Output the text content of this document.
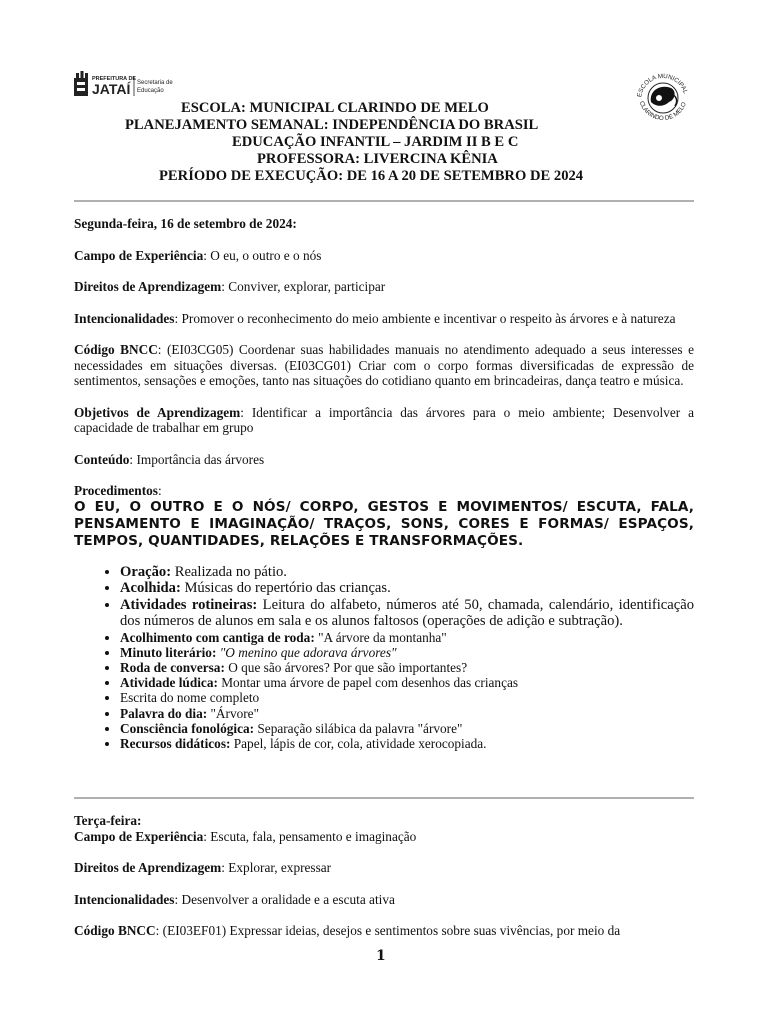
PREFEITURA DE
JATAÍ Secretaria de
Educação
ESCOLA MUNICIPAL
CLARINDO DE MELO
ESCOLA: MUNICIPAL CLARINDO DE MELO
PLANEJAMENTO SEMANAL: INDEPENDÊNCIA DO BRASIL
EDUCAÇÃO INFANTIL – JARDIM II B E C
PROFESSORA: LIVERCINA KÊNIA
PERÍODO DE EXECUÇÃO: DE 16 A 20 DE SETEMBRO DE 2024

Segunda-feira, 16 de setembro de 2024:

Campo de Experiência: O eu, o outro e o nós

Direitos de Aprendizagem: Conviver, explorar, participar

Intencionalidades: Promover o reconhecimento do meio ambiente e incentivar o respeito às árvores e à natureza

Código BNCC: (EI03CG05) Coordenar suas habilidades manuais no atendimento adequado a seus interesses e necessidades em situações diversas. (EI03CG01) Criar com o corpo formas diversificadas de expressão de sentimentos, sensações e emoções, tanto nas situações do cotidiano quanto em brincadeiras, dança teatro e música.

Objetivos de Aprendizagem: Identificar a importância das árvores para o meio ambiente; Desenvolver a capacidade de trabalhar em grupo

Conteúdo: Importância das árvores

Procedimentos:

O EU, O OUTRO E O NÓS/ CORPO, GESTOS E MOVIMENTOS/ ESCUTA, FALA, PENSAMENTO E IMAGINAÇÃO/ TRAÇOS, SONS, CORES E FORMAS/ ESPAÇOS, TEMPOS, QUANTIDADES, RELAÇÕES E TRANSFORMAÇÕES.

• Oração: Realizada no pátio.
• Acolhida: Músicas do repertório das crianças.
• Atividades rotineiras: Leitura do alfabeto, números até 50, chamada, calendário, identificação dos números de alunos em sala e os alunos faltosos (operações de adição e subtração).
• Acolhimento com cantiga de roda: "A árvore da montanha"
• Minuto literário: "O menino que adorava árvores"
• Roda de conversa: O que são árvores? Por que são importantes?
• Atividade lúdica: Montar uma árvore de papel com desenhos das crianças
• Escrita do nome completo
• Palavra do dia: "Árvore"
• Consciência fonológica: Separação silábica da palavra "árvore"
• Recursos didáticos: Papel, lápis de cor, cola, atividade xerocopiada.

Terça-feira:

Campo de Experiência: Escuta, fala, pensamento e imaginação

Direitos de Aprendizagem: Explorar, expressar

Intencionalidades: Desenvolver a oralidade e a escuta ativa

Código BNCC: (EI03EF01) Expressar ideias, desejos e sentimentos sobre suas vivências, por meio da

1
